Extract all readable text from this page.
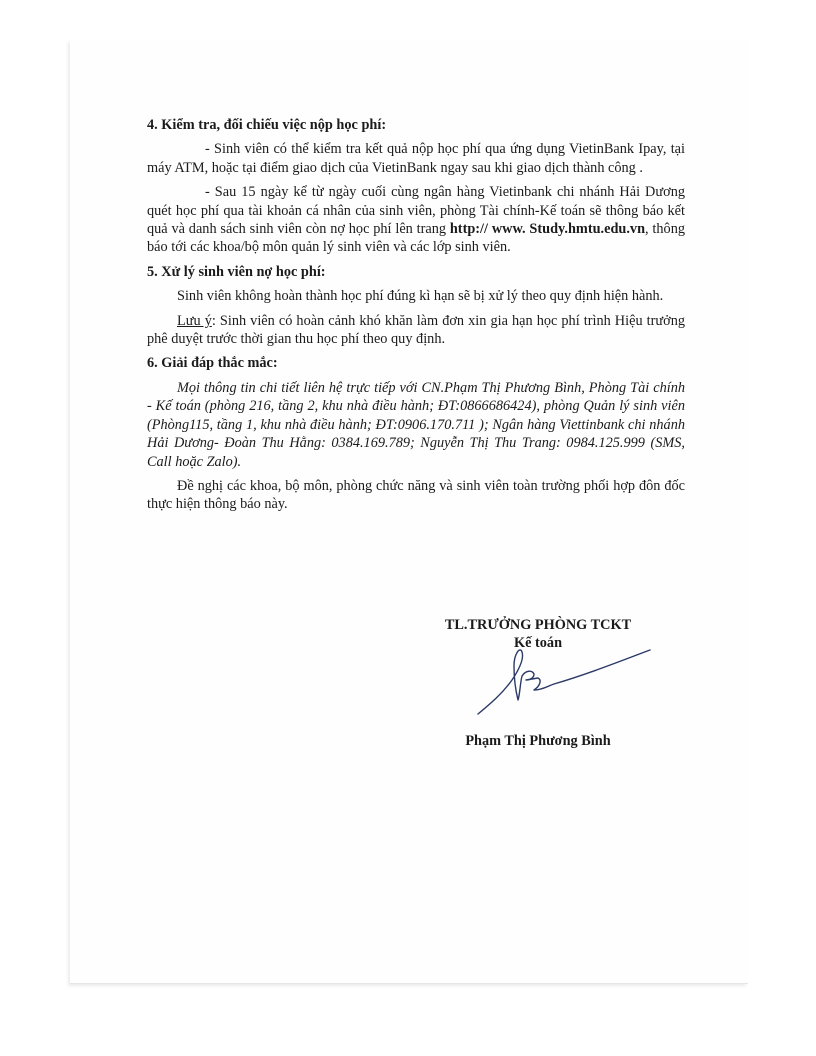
4. Kiểm tra, đối chiếu việc nộp học phí:
- Sinh viên có thể kiểm tra kết quả nộp học phí qua ứng dụng VietinBank Ipay, tại máy ATM, hoặc tại điểm giao dịch của VietinBank ngay sau khi giao dịch thành công .
- Sau 15 ngày kể từ ngày cuối cùng ngân hàng Vietinbank chi nhánh Hải Dương quét học phí qua tài khoản cá nhân của sinh viên, phòng Tài chính-Kế toán sẽ thông báo kết quả và danh sách sinh viên còn nợ học phí lên trang http:// www. Study.hmtu.edu.vn, thông báo tới các khoa/bộ môn quản lý sinh viên và các lớp sinh viên.
5. Xử lý sinh viên nợ học phí:
Sinh viên không hoàn thành học phí đúng kì hạn sẽ bị xử lý theo quy định hiện hành.
Lưu ý: Sinh viên có hoàn cảnh khó khăn làm đơn xin gia hạn học phí trình Hiệu trưởng phê duyệt trước thời gian thu học phí theo quy định.
6. Giải đáp thắc mắc:
Mọi thông tin chi tiết liên hệ trực tiếp với CN.Phạm Thị Phương Bình, Phòng Tài chính - Kế toán (phòng 216, tầng 2, khu nhà điều hành; ĐT:0866686424), phòng Quản lý sinh viên (Phòng115, tầng 1, khu nhà điều hành; ĐT:0906.170.711 ); Ngân hàng Viettinbank chi nhánh Hải Dương- Đoàn Thu Hằng: 0384.169.789; Nguyễn Thị Thu Trang: 0984.125.999 (SMS, Call hoặc Zalo).
Đề nghị các khoa, bộ môn, phòng chức năng và sinh viên toàn trường phối hợp đôn đốc thực hiện thông báo này.
TL.TRƯỞNG PHÒNG TCKT
Kế toán
Phạm Thị Phương Bình
